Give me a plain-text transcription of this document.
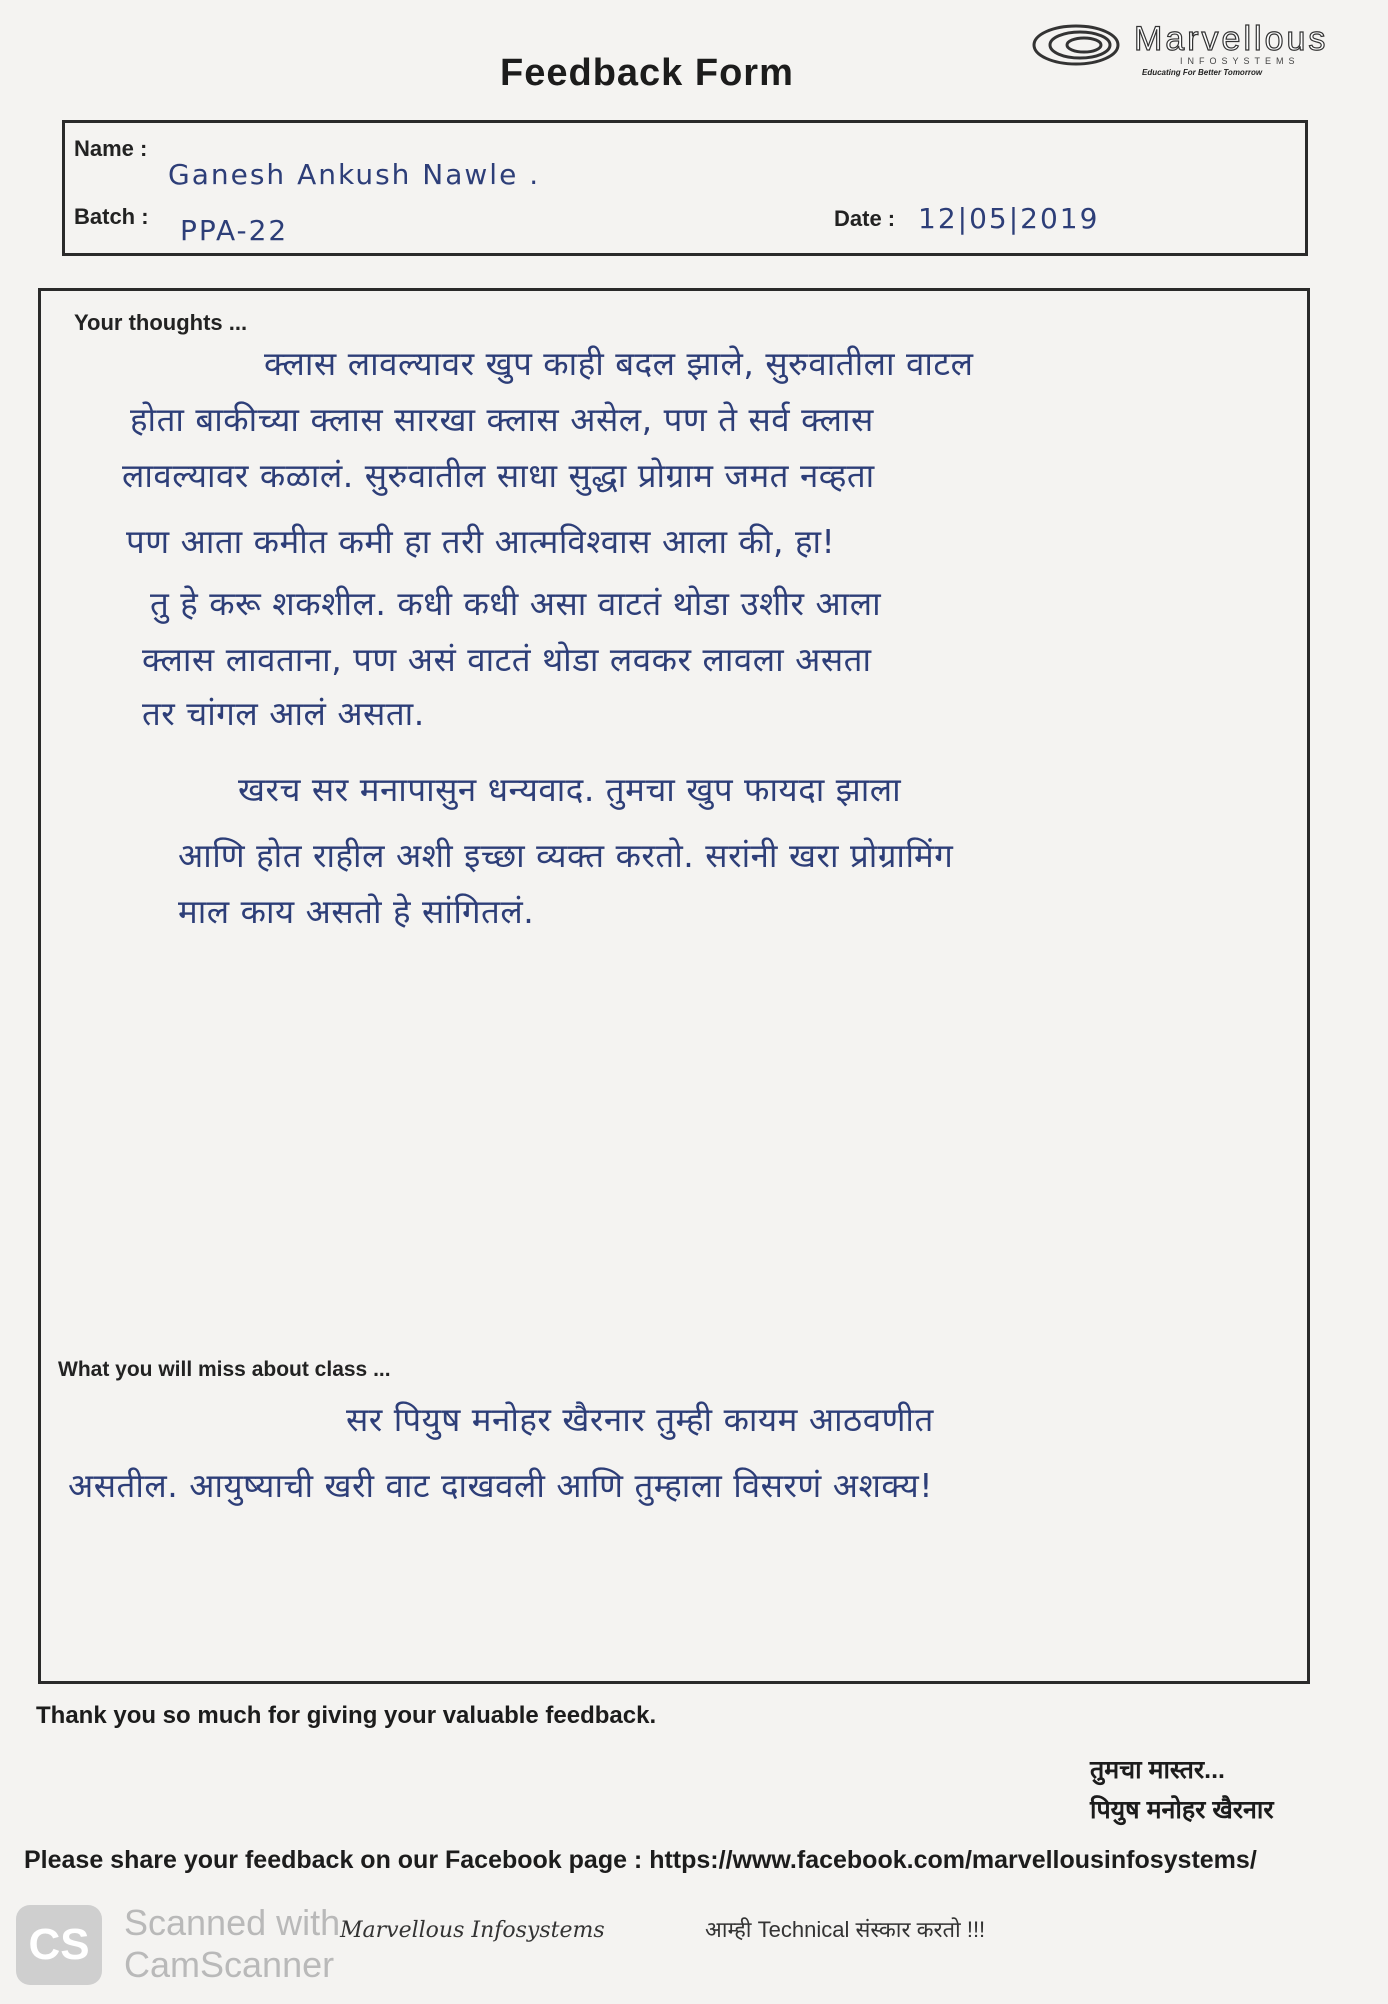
Marvellous
INFOSYSTEMS
Educating For Better Tomorrow
Feedback Form
Name :
Ganesh Ankush Nawle .
Batch : PPA-22	Date : 12|05|2019
Your thoughts ...
क्लास लावल्यावर खुप काही बदल झाले, सुरुवातीला वाटल
होता बाकीच्या क्लास सारखा क्लास असेल, पण ते सर्व क्लास
लावल्यावर कळालं. सुरुवातील साधा सुद्धा प्रोग्राम जमत नव्हता
पण आता कमीत कमी हा तरी आत्मविश्वास आला की, हा!
तु हे करू शकशील. कधी कधी असा वाटतं थोडा उशीर आला
क्लास लावताना, पण असं वाटतं थोडा लवकर लावला असता
तर चांगल आलं असता.
खरच सर मनापासुन धन्यवाद. तुमचा खुप फायदा झाला
आणि होत राहील अशी इच्छा व्यक्त करतो. सरांनी खरा प्रोग्रामिंग
माल काय असतो हे सांगितलं.
What you will miss about class ...
सर पियुष मनोहर खैरनार तुम्ही कायम आठवणीत
असतील. आयुष्याची खरी वाट दाखवली आणि तुम्हाला विसरणं अशक्य!
Thank you so much for giving your valuable feedback.
तुमचा मास्तर...
पियुष मनोहर खैरनार
Please share your feedback on our Facebook page : https://www.facebook.com/marvellousinfosystems/
CS Scanned with
CamScanner
Marvellous Infosystems	आम्ही Technical संस्कार करतो !!!
